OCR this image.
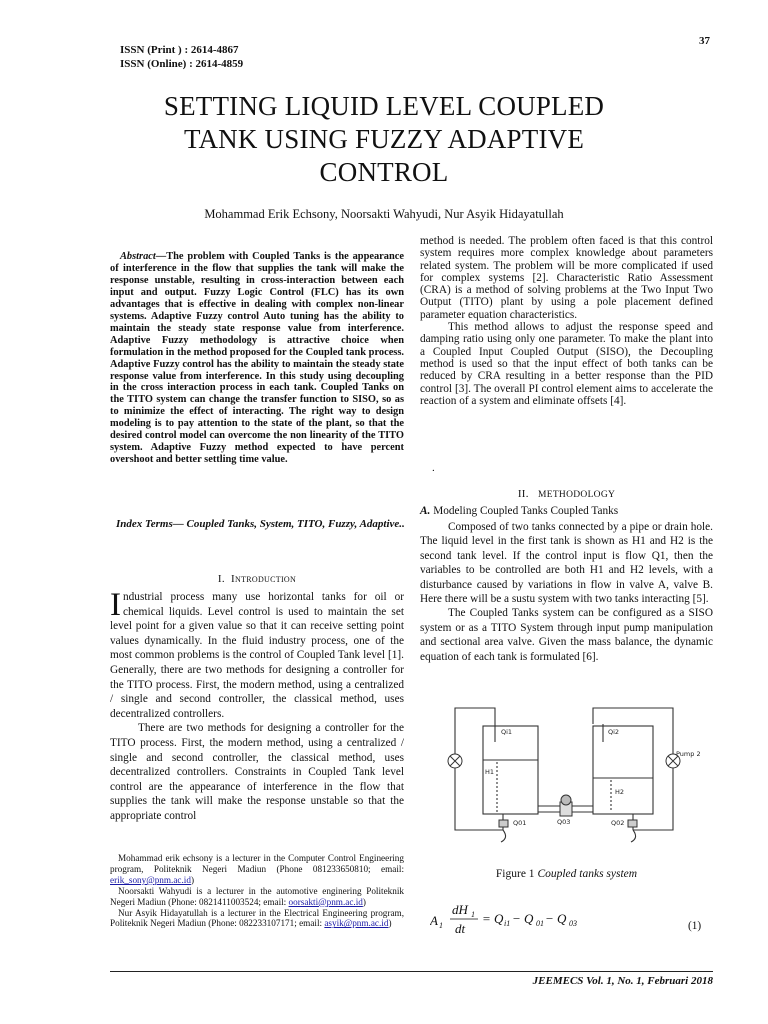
ISSN (Print ) : 2614-4867
ISSN (Online) : 2614-4859
37
SETTING LIQUID LEVEL COUPLED
TANK USING FUZZY ADAPTIVE
CONTROL
Mohammad Erik Echsony, Noorsakti Wahyudi, Nur Asyik Hidayatullah
Abstract—The problem with Coupled Tanks is the appearance of interference in the flow that supplies the tank will make the response unstable, resulting in cross-interaction between each input and output. Fuzzy Logic Control (FLC) has its own advantages that is effective in dealing with complex non-linear systems. Adaptive Fuzzy control Auto tuning has the ability to maintain the steady state response value from interference. Adaptive Fuzzy methodology is attractive choice when formulation in the method proposed for the Coupled tank process. Adaptive Fuzzy control has the ability to maintain the steady state response value from interference. In this study using decoupling in the cross interaction process in each tank. Coupled Tanks on the TITO system can change the transfer function to SISO, so as to minimize the effect of interacting. The right way to design modeling is to pay attention to the state of the plant, so that the desired control model can overcome the non linearity of the TITO system. Adaptive Fuzzy method expected to have percent overshoot and better settling time value.
Index Terms— Coupled Tanks, System, TITO, Fuzzy, Adaptive..
I. Introduction
Industrial process many use horizontal tanks for oil or chemical liquids. Level control is used to maintain the set level point for a given value so that it can receive setting point values dynamically. In the fluid industry process, one of the most common problems is the control of Coupled Tank level [1]. Generally, there are two methods for designing a controller for the TITO process. First, the modern method, using a centralized / single and second controller, the classical method, uses decentralized controllers.
There are two methods for designing a controller for the TITO process. First, the modern method, using a centralized / single and second controller, the classical method, uses decentralized controllers. Constraints in Coupled Tank level control are the appearance of interference in the flow that supplies the tank will make the response unstable so that the appropriate control

Mohammad erik echsony is a lecturer in the Computer Control Engineering program, Politeknik Negeri Madiun (Phone 081233650810; email: erik_sony@pnm.ac.id)

Noorsakti Wahyudi is a lecturer in the automotive enginering Politeknik Negeri Madiun (Phone: 0821411003524; email: oorsakti@pnm.ac.id)

Nur Asyik Hidayatullah is a lecturer in the Electrical Engineering program, Politeknik Negeri Madiun (Phone: 082233107171; email: asyik@pnm.ac.id)

method is needed. The problem often faced is that this control system requires more complex knowledge about parameters related system. The problem will be more complicated if used for complex systems [2]. Characteristic Ratio Assessment (CRA) is a method of solving problems at the Two Input Two Output (TITO) plant by using a pole placement defined parameter equation characteristics.

This method allows to adjust the response speed and damping ratio using only one parameter. To make the plant into a Coupled Input Coupled Output (SISO), the Decoupling method is used so that the input effect of both tanks can be reduced by CRA resulting in a better response than the PID control [3]. The overall PI control element aims to accelerate the reaction of a system and eliminate offsets [4].

.
II. METHODOLOGY
A. Modeling Coupled Tanks Coupled Tanks

Composed of two tanks connected by a pipe or drain hole. The liquid level in the first tank is shown as H1 and H2 is the second tank level. If the control input is flow Q1, then the variables to be controlled are both H1 and H2 levels, with a disturbance caused by variations in flow in valve A, valve B. Here there will be a sustu system with two tanks interacting [5].

The Coupled Tanks system can be configured as a SISO system or as a TITO System through input pump manipulation and sectional area valve. Given the mass balance, the dynamic equation of each tank is formulated [6].

Qi1	Qi2
H1
H2
Q01	Q02
Q03
Pump 2
Figure 1 Coupled tanks system
A 1
dH 1
dt
= Q i1 − Q 01 − Q 03	(1)
JEEMECS Vol. 1, No. 1, Februari 2018
